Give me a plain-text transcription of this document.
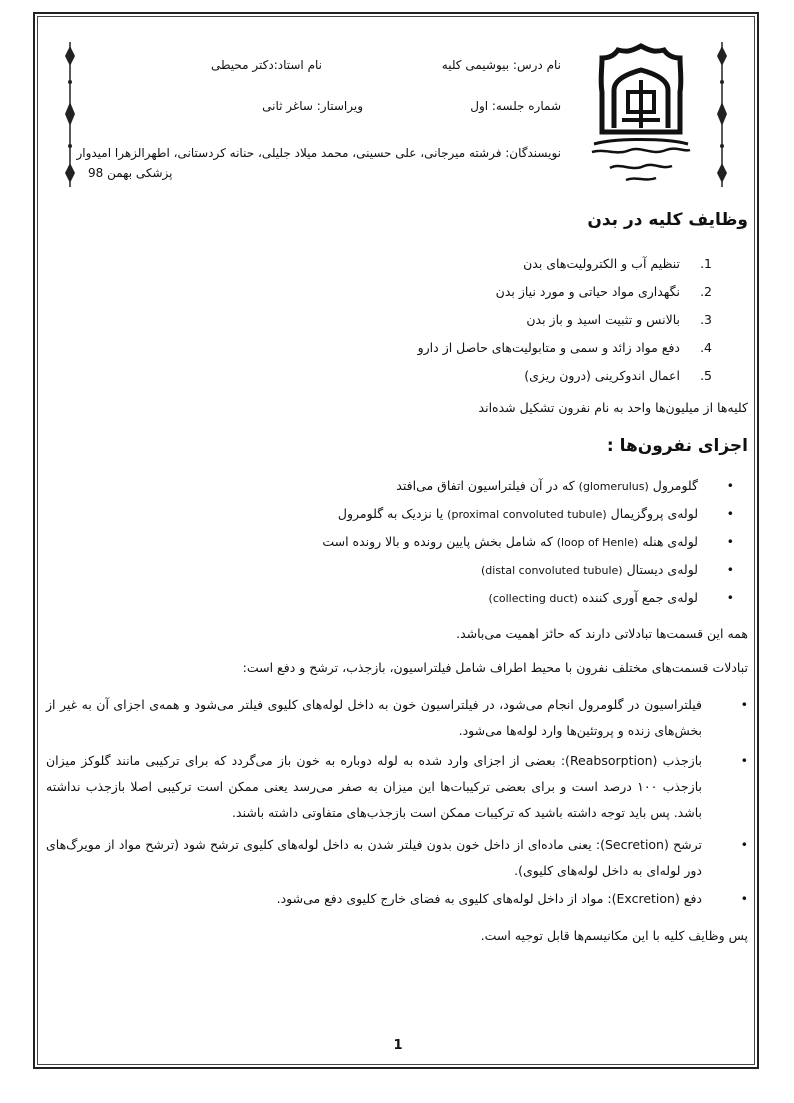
دانشگاه علوم پزشکی و خدمات بهداشتی درمانی
نام درس: بیوشیمی کلیه
نام استاد:دکتر محیطی
شماره جلسه: اول
ویراستار: ساغر ثانی
نویسندگان: فرشته میرجانی، علی حسینی، محمد میلاد جلیلی، حنانه کردستانی، اطهرالزهرا امیدوار
پزشکی بهمن 98
وظایف کلیه در بدن
1.
تنظیم آب و الکترولیت‌های بدن
2.
نگهداری مواد حیاتی و مورد نیاز بدن
3.
بالانس و تثبیت اسید و باز بدن
4.
دفع مواد زائد و سمی و متابولیت‌های حاصل از دارو
5.
اعمال اندوکرینی (درون ریزی)
کلیه‌ها از میلیون‌ها واحد به نام نفرون تشکیل شده‌اند
اجزای نفرون‌ها :
•
گلومرول (glomerulus) که در آن فیلتراسیون اتفاق می‌افتد
•
لوله‌ی پروگزیمال (proximal convoluted tubule) یا نزدیک به گلومرول
•
لوله‌ی هنله (loop of Henle) که شامل بخش پایین رونده و بالا رونده است
•
لوله‌ی دیستال (distal convoluted tubule)
•
لوله‌ی جمع آوری کننده (collecting duct)
همه این قسمت‌ها تبادلاتی دارند که حائز اهمیت می‌باشد.
تبادلات قسمت‌های مختلف نفرون با محیط اطراف شامل فیلتراسیون، بازجذب، ترشح و دفع است:
•
فیلتراسیون در گلومرول انجام می‌شود، در فیلتراسیون خون به داخل لوله‌های کلیوی فیلتر می‌شود و همه‌ی اجزای آن به غیر از بخش‌های زنده و پروتئین‌ها وارد لوله‌ها می‌شود.
•
بازجذب (Reabsorption): بعضی از اجزای وارد شده به لوله دوباره به خون باز می‌گردد که برای ترکیبی مانند گلوکز میزان بازجذب ۱۰۰ درصد است و برای بعضی ترکیبات‌ها این میزان به صفر می‌رسد یعنی ممکن است ترکیبی اصلا بازجذب نداشته باشد. پس باید توجه داشته باشید که ترکیبات ممکن است بازجذب‌های متفاوتی داشته باشند.
•
ترشح (Secretion): یعنی ماده‌ای از داخل خون بدون فیلتر شدن به داخل لوله‌های کلیوی ترشح شود (ترشح مواد از مویرگ‌های دور لوله‌ای به داخل لوله‌های کلیوی).
•
دفع (Excretion): مواد از داخل لوله‌های کلیوی به فضای خارج کلیوی دفع می‌شود.
پس وظایف کلیه با این مکانیسم‌ها قابل توجیه است.
1
